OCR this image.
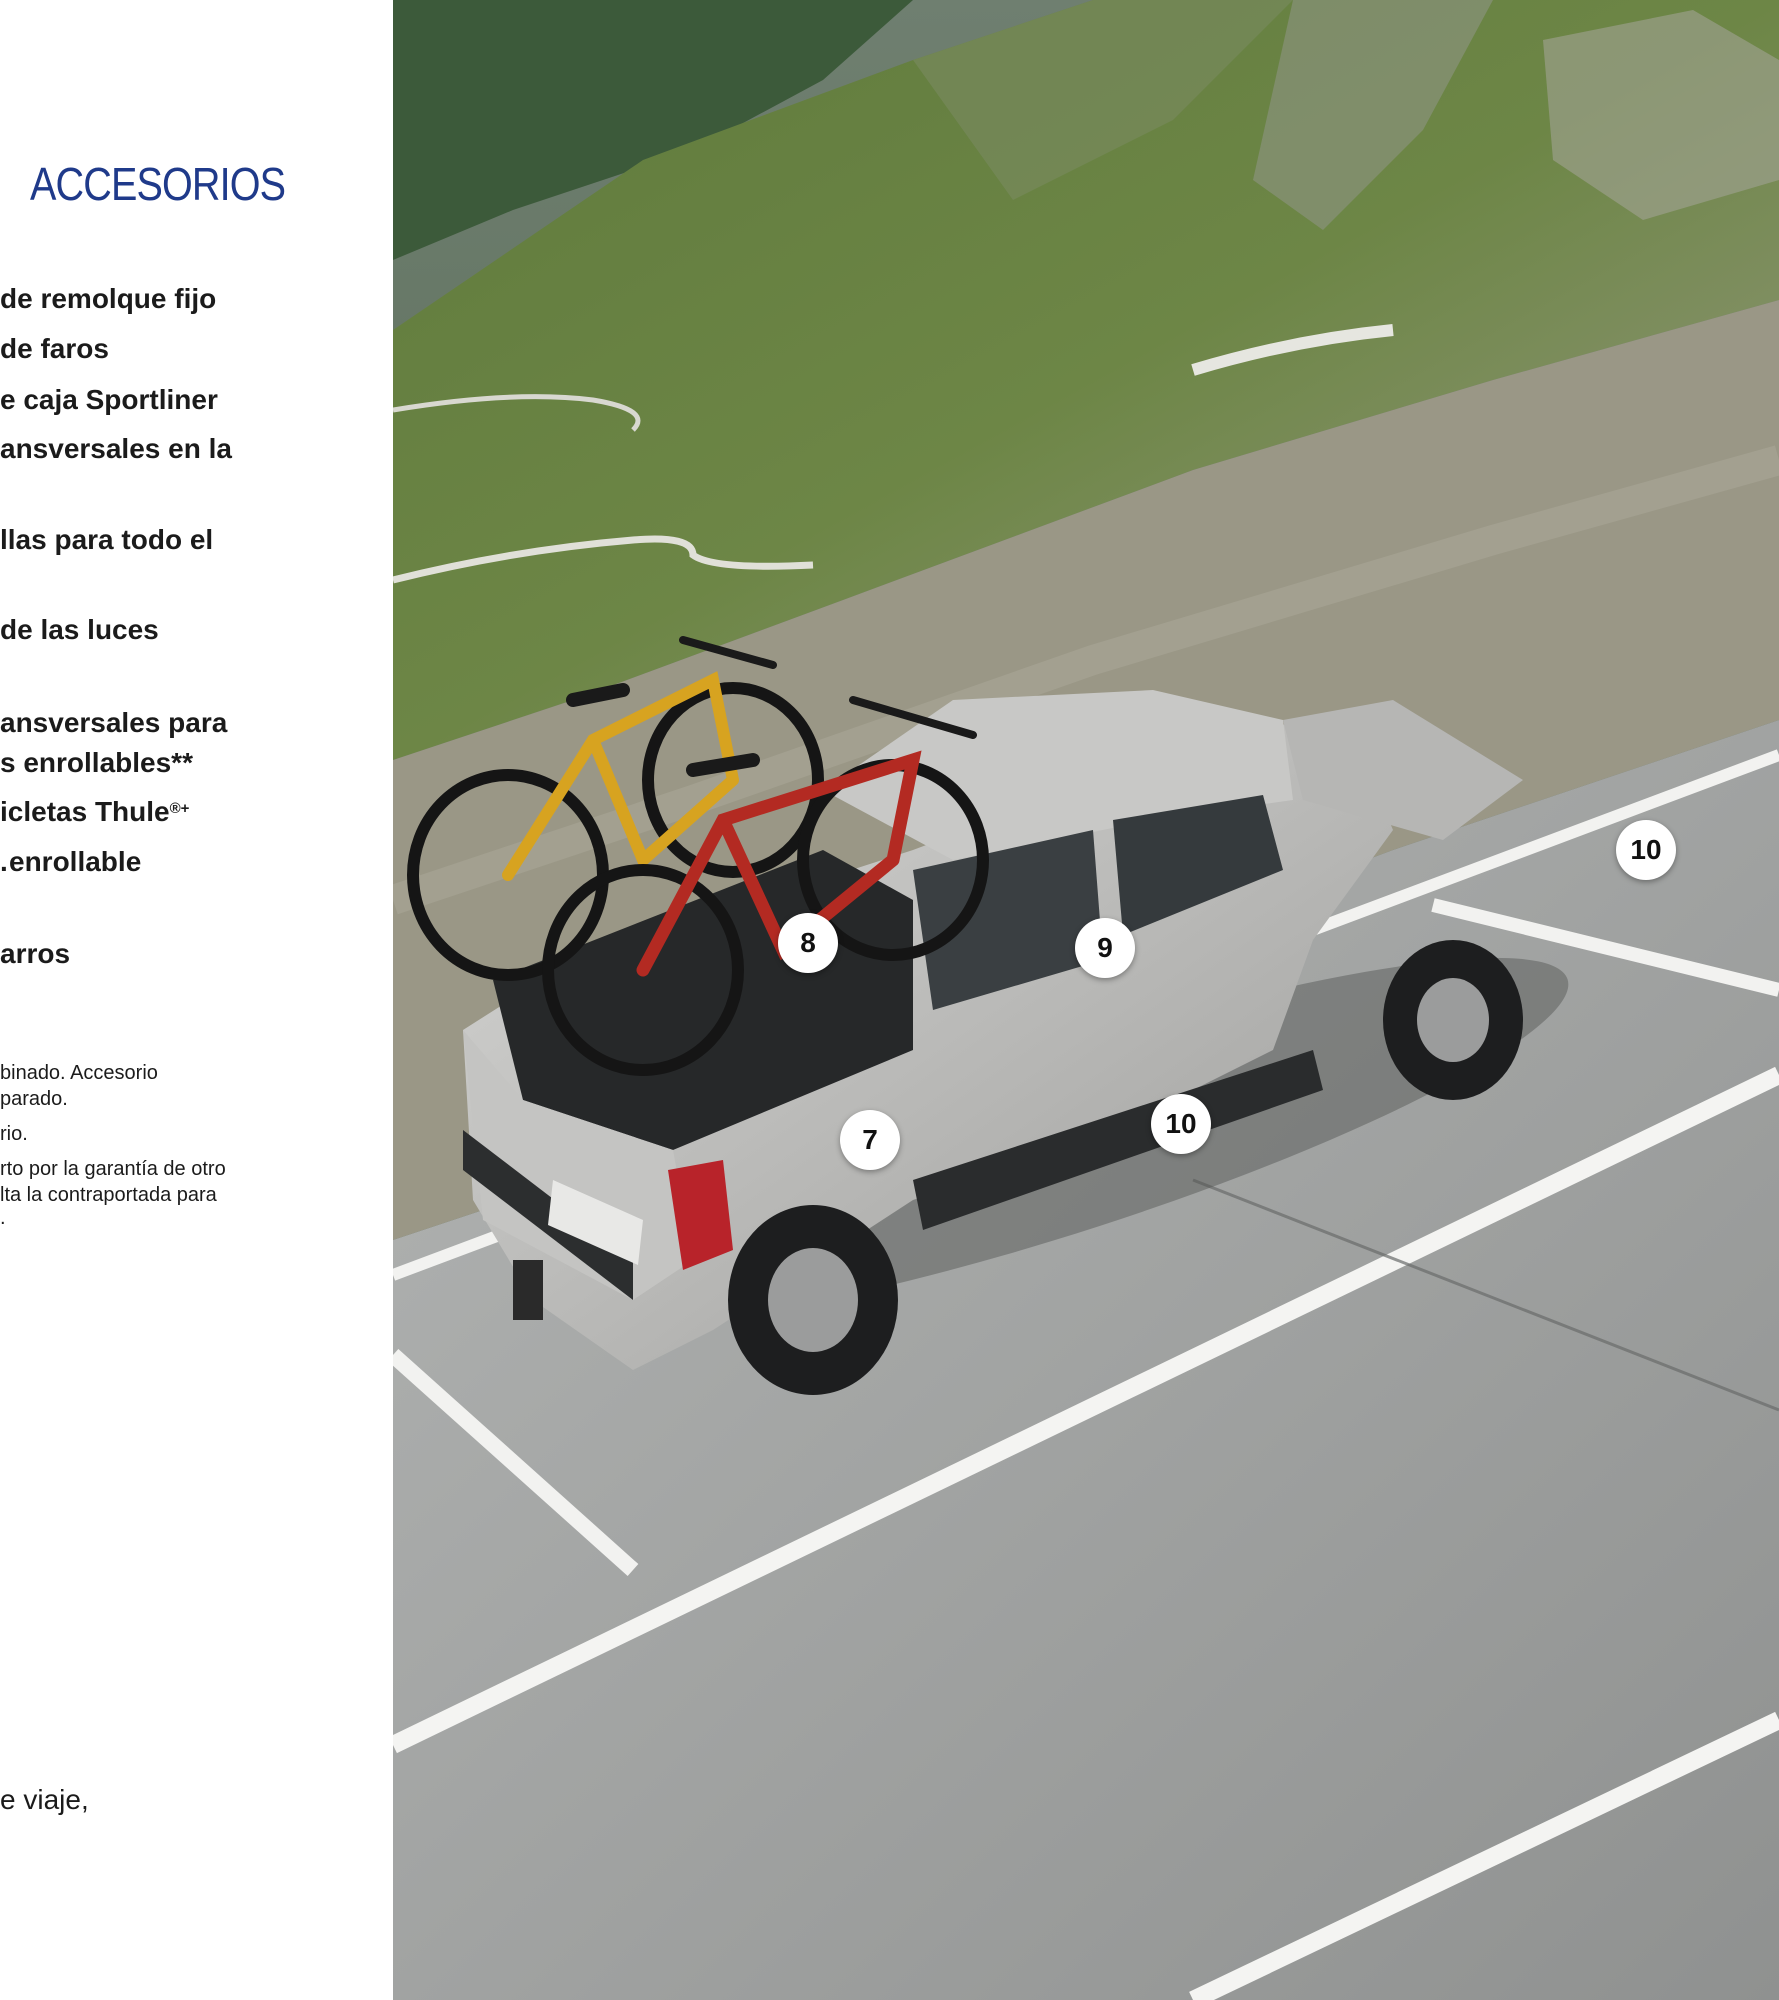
ACCESORIOS
de remolque fijo
de faros
e caja Sportliner
ansversales en la
llas para todo el
de las luces
ansversales para
s enrollables**
icletas Thule®+
.enrollable
arros
binado. Accesorio
parado.
rio.
rto por la garantía de otro
lta la contraportada para
.
e viaje,
10
8	9
7
10
